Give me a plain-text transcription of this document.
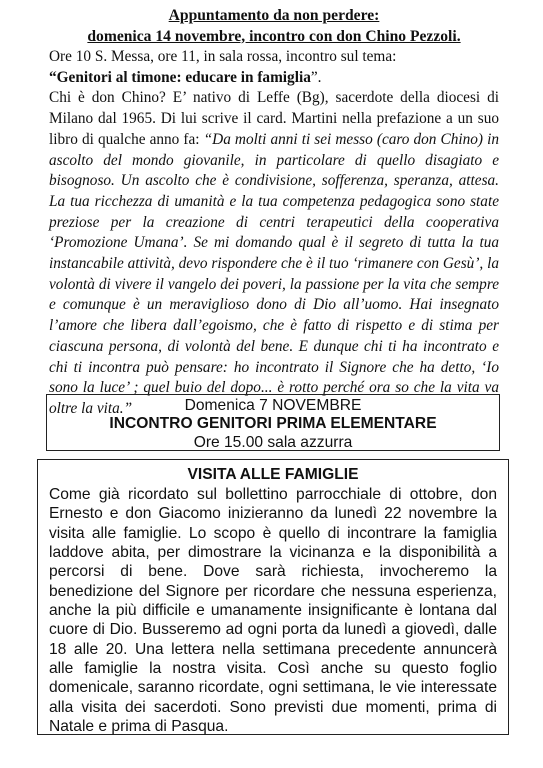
Appuntamento da non perdere:
domenica 14 novembre, incontro con don Chino Pezzoli.

Ore 10 S. Messa, ore 11, in sala rossa, incontro sul tema:
“Genitori al timone: educare in famiglia”.

Chi è don Chino? E’ nativo di Leffe (Bg), sacerdote della diocesi di Milano dal 1965. Di lui scrive il card. Martini nella prefazione a un suo libro di qualche anno fa: “Da molti anni ti sei messo (caro don Chino) in ascolto del mondo giovanile, in particolare di quello disagiato e bisognoso. Un ascolto che è condivisione, sofferenza, speranza, attesa. La tua ricchezza di umanità e la tua competenza pedagogica sono state preziose per la creazione di centri terapeutici della cooperativa ‘Promozione Umana’. Se mi domando qual è il segreto di tutta la tua instancabile attività, devo rispondere che è il tuo ‘rimanere con Gesù’, la volontà di vivere il vangelo dei poveri, la passione per la vita che sempre e comunque è un meraviglioso dono di Dio all’uomo. Hai insegnato l’amore che libera dall’egoismo, che è fatto di rispetto e di stima per ciascuna persona, di volontà del bene. E dunque chi ti ha incontrato e chi ti incontra può pensare: ho incontrato il Signore che ha detto, ‘Io sono la luce’ ; quel buio del dopo... è rotto perché ora so che la vita va oltre la vita.”	Domenica 7 NOVEMBRE
INCONTRO GENITORI PRIMA ELEMENTARE
Ore 15.00 sala azzurra
VISITA ALLE FAMIGLIE

Come già ricordato sul bollettino parrocchiale di ottobre, don Ernesto e don Giacomo inizieranno da lunedì 22 novembre la visita alle famiglie. Lo scopo è quello di incontrare la famiglia laddove abita, per dimostrare la vicinanza e la disponibilità a percorsi di bene. Dove sarà richiesta, invocheremo la benedizione del Signore per ricordare che nessuna esperienza, anche la più difficile e umanamente insignificante è lontana dal cuore di Dio. Busseremo ad ogni porta da lunedì a giovedì, dalle 18 alle 20. Una lettera nella settimana precedente annuncerà alle famiglie la nostra visita. Così anche su questo foglio domenicale, saranno ricordate, ogni settimana, le vie interessate alla visita dei sacerdoti. Sono previsti due momenti, prima di Natale e prima di Pasqua.
